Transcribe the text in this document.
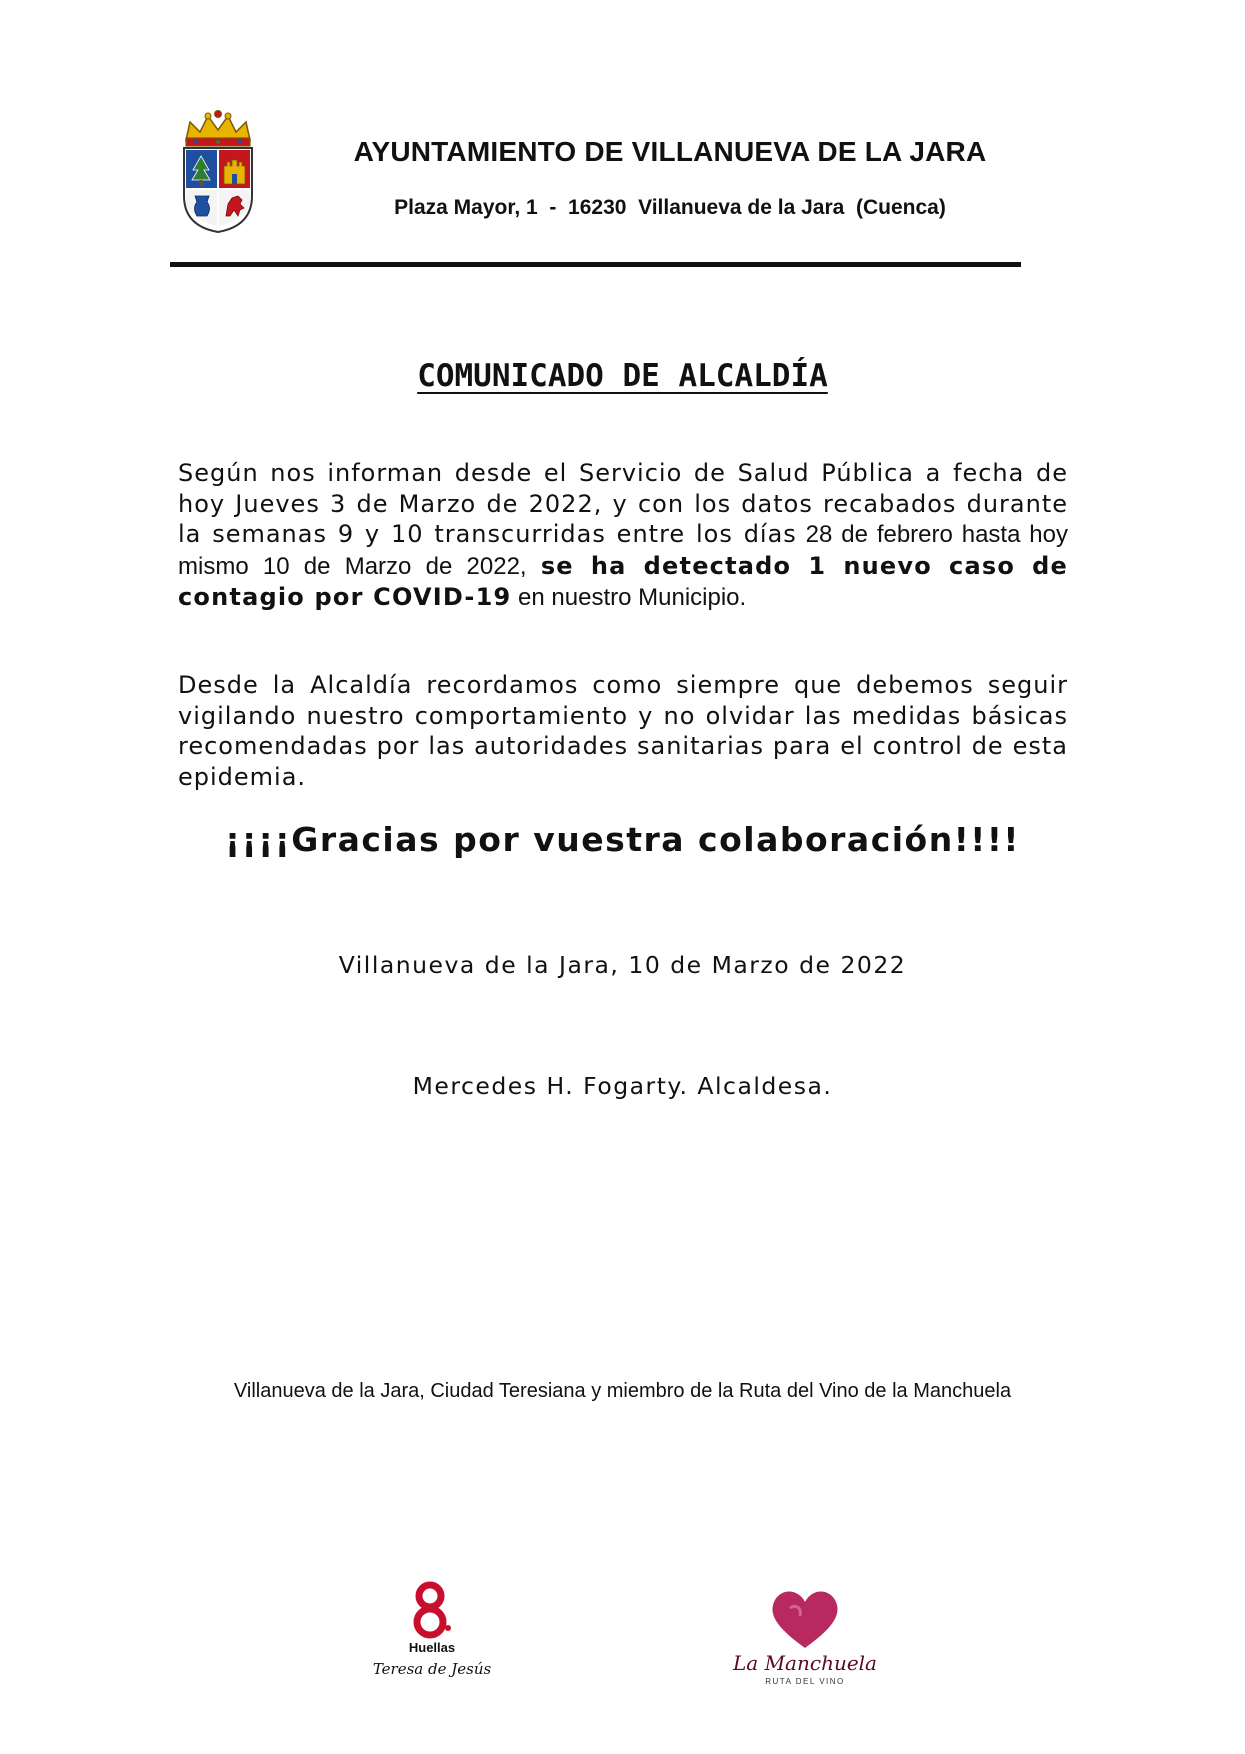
AYUNTAMIENTO DE VILLANUEVA DE LA JARA
Plaza Mayor, 1  -  16230  Villanueva de la Jara  (Cuenca)
COMUNICADO DE ALCALDÍA
Según nos informan desde el Servicio de Salud Pública a fecha de hoy Jueves 3 de Marzo de 2022, y con los datos recabados durante la semanas 9 y 10 transcurridas entre los días 28 de febrero hasta hoy mismo 10 de Marzo de 2022, se ha detectado 1 nuevo caso de contagio por COVID-19 en nuestro Municipio.
Desde la Alcaldía recordamos como siempre que debemos seguir vigilando nuestro comportamiento y no olvidar las medidas básicas recomendadas por las autoridades sanitarias para el control de esta epidemia.
¡¡¡¡Gracias por vuestra colaboración!!!!
Villanueva de la Jara, 10 de Marzo de 2022
Mercedes H. Fogarty. Alcaldesa.
Villanueva de la Jara, Ciudad Teresiana y miembro de la Ruta del Vino de la Manchuela
Huellas
Teresa de Jesús	La Manchuela
RUTA DEL VINO
